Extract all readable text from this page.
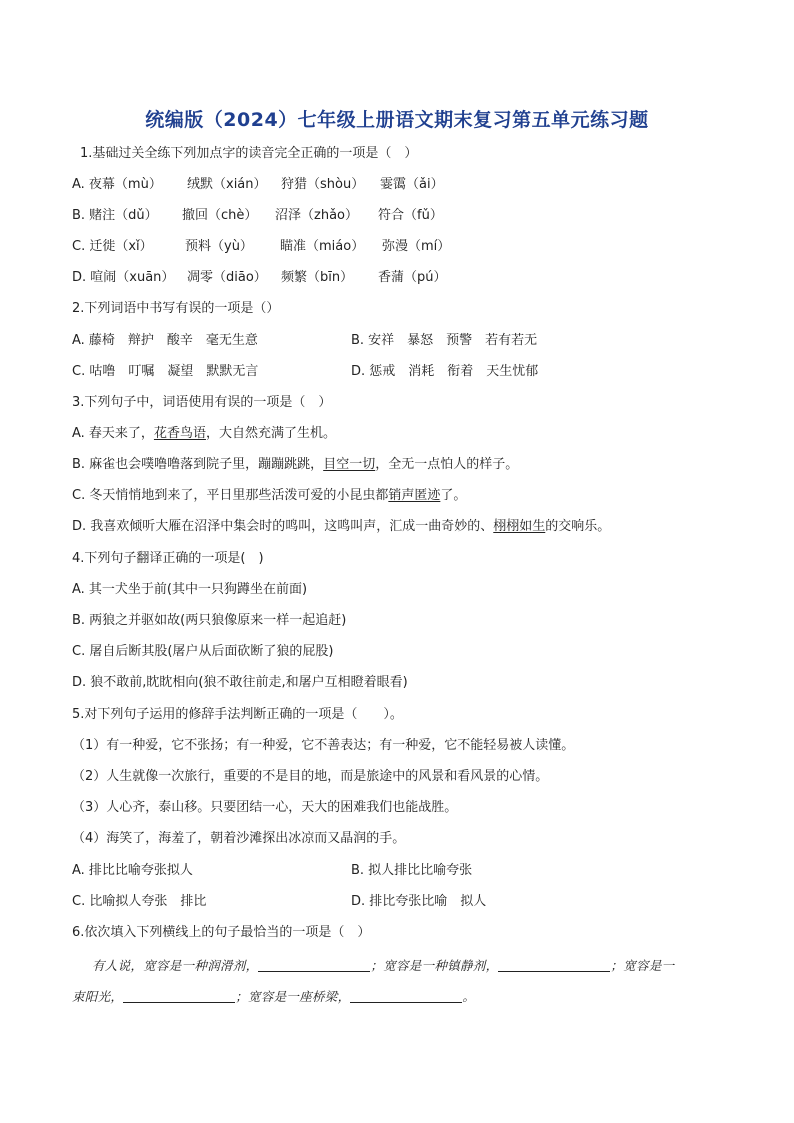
统编版（2024）七年级上册语文期末复习第五单元练习题
1.基础过关全练下列加点字的读音完全正确的一项是（　）
A. 夜幕（mù） 绒默（xián） 狩猎（shòu） 霎霭（ǎi）
B. 赌注（dǔ） 撤回（chè） 沼泽（zhǎo） 符合（fǔ）
C. 迁徙（xǐ） 预料（yù） 瞄准（miáo） 弥漫（mí）
D. 喧闹（xuān） 凋零（diāo） 频繁（bīn） 香蒲（pú）
2.下列词语中书写有误的一项是（）
A. 藤椅　辩护　酸辛　毫无生意	B. 安祥　暴怒　预警　若有若无
C. 咕噜　叮嘱　凝望　默默无言	D. 惩戒　消耗　衔着　天生忧郁
3.下列句子中，词语使用有误的一项是（　）
A. 春天来了，花香鸟语，大自然充满了生机。
B. 麻雀也会噗噜噜落到院子里，蹦蹦跳跳，目空一切，全无一点怕人的样子。
C. 冬天悄悄地到来了，平日里那些活泼可爱的小昆虫都销声匿迹了。
D. 我喜欢倾听大雁在沼泽中集会时的鸣叫，这鸣叫声，汇成一曲奇妙的、栩栩如生的交响乐。
4.下列句子翻译正确的一项是(　)
A. 其一犬坐于前(其中一只狗蹲坐在前面)
B. 两狼之并驱如故(两只狼像原来一样一起追赶)
C. 屠自后断其股(屠户从后面砍断了狼的屁股)
D. 狼不敢前,眈眈相向(狼不敢往前走,和屠户互相瞪着眼看)
5.对下列句子运用的修辞手法判断正确的一项是（　　）。
（1）有一种爱，它不张扬；有一种爱，它不善表达；有一种爱，它不能轻易被人读懂。
（2）人生就像一次旅行，重要的不是目的地，而是旅途中的风景和看风景的心情。
（3）人心齐，泰山移。只要团结一心，天大的困难我们也能战胜。
（4）海笑了，海羞了，朝着沙滩探出冰凉而又晶润的手。
A. 排比比喻夸张拟人	B. 拟人排比比喻夸张
C. 比喻拟人夸张　排比	D. 排比夸张比喻　拟人
6.依次填入下列横线上的句子最恰当的一项是（　）
有人说，宽容是一种润滑剂，	；宽容是一种镇静剂，	；宽容是一
束阳光，	；宽容是一座桥梁，	。
